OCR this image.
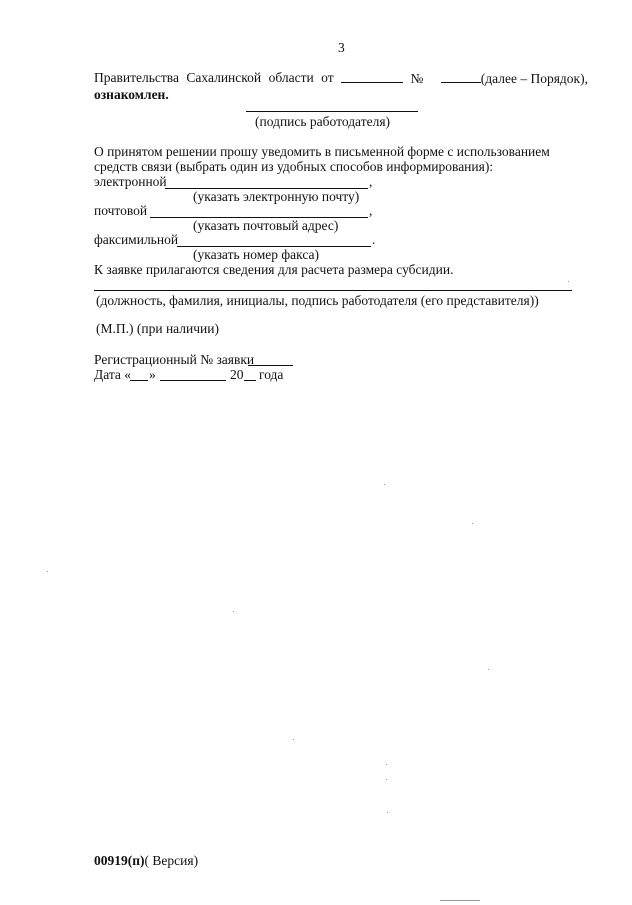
3
Правительства Сахалинской области от	№	(далее – Порядок),
ознакомлен.
(подпись работодателя)
О принятом решении прошу уведомить в письменной форме с использованием
средств связи (выбрать один из удобных способов информирования):
электронной	,
(указать электронную почту)
почтовой	,
(указать почтовый адрес)
факсимильной	.
(указать номер факса)
К заявке прилагаются сведения для расчета размера субсидии.
(должность, фамилия, инициалы, подпись работодателя (его представителя))
(М.П.) (при наличии)
Регистрационный № заявки
Дата « »	20 года
00919(п)( Версия)
